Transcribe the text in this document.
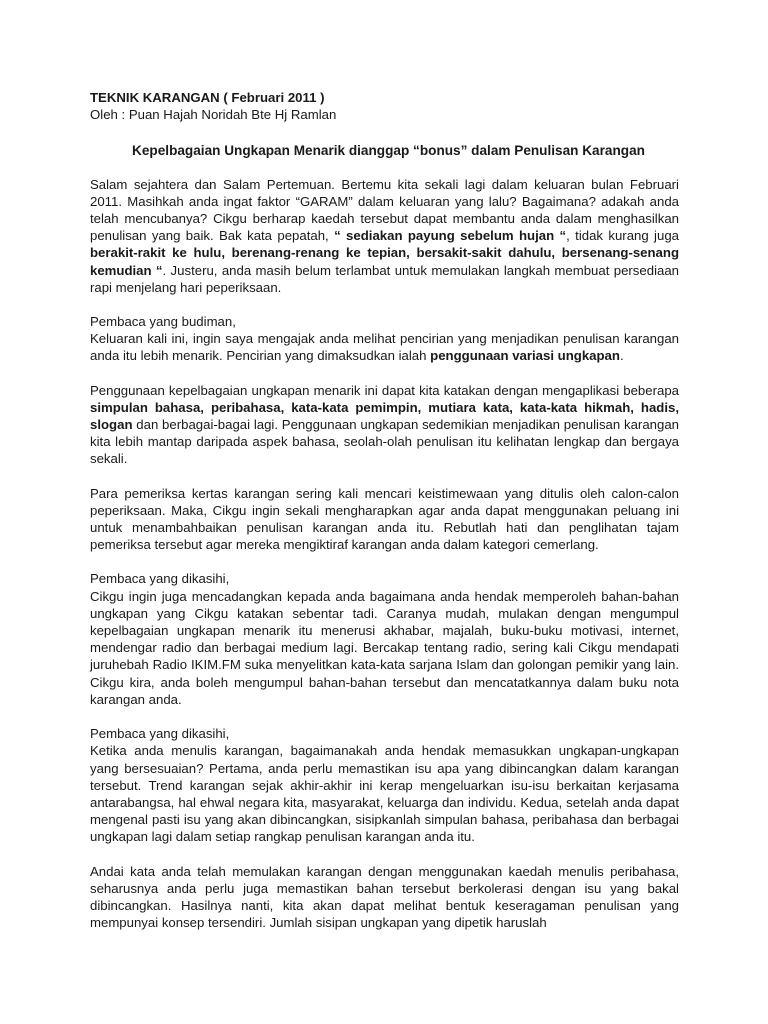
TEKNIK KARANGAN ( Februari 2011 )
Oleh : Puan Hajah Noridah Bte Hj Ramlan
Kepelbagaian Ungkapan Menarik dianggap “bonus” dalam Penulisan Karangan

Salam sejahtera dan Salam Pertemuan. Bertemu kita sekali lagi dalam keluaran bulan Februari 2011. Masihkah anda ingat faktor “GARAM” dalam keluaran yang lalu? Bagaimana? adakah anda telah mencubanya? Cikgu berharap kaedah tersebut dapat membantu anda dalam menghasilkan penulisan yang baik. Bak kata pepatah, “ sediakan payung sebelum hujan “, tidak kurang juga berakit-rakit ke hulu, berenang-renang ke tepian, bersakit-sakit dahulu, bersenang-senang kemudian “. Justeru, anda masih belum terlambat untuk memulakan langkah membuat persediaan rapi menjelang hari peperiksaan.

Pembaca yang budiman,
Keluaran kali ini, ingin saya mengajak anda melihat pencirian yang menjadikan penulisan karangan anda itu lebih menarik. Pencirian yang dimaksudkan ialah penggunaan variasi ungkapan.

Penggunaan kepelbagaian ungkapan menarik ini dapat kita katakan dengan mengaplikasi beberapa simpulan bahasa, peribahasa, kata-kata pemimpin, mutiara kata, kata-kata hikmah, hadis, slogan dan berbagai-bagai lagi. Penggunaan ungkapan sedemikian menjadikan penulisan karangan kita lebih mantap daripada aspek bahasa, seolah-olah penulisan itu kelihatan lengkap dan bergaya sekali.

Para pemeriksa kertas karangan sering kali mencari keistimewaan yang ditulis oleh calon-calon peperiksaan. Maka, Cikgu ingin sekali mengharapkan agar anda dapat menggunakan peluang ini untuk menambahbaikan penulisan karangan anda itu. Rebutlah hati dan penglihatan tajam pemeriksa tersebut agar mereka mengiktiraf karangan anda dalam kategori cemerlang.

Pembaca yang dikasihi,
Cikgu ingin juga mencadangkan kepada anda bagaimana anda hendak memperoleh bahan-bahan ungkapan yang Cikgu katakan sebentar tadi. Caranya mudah, mulakan dengan mengumpul kepelbagaian ungkapan menarik itu menerusi akhabar, majalah, buku-buku motivasi, internet, mendengar radio dan berbagai medium lagi. Bercakap tentang radio, sering kali Cikgu mendapati juruhebah Radio IKIM.FM suka menyelitkan kata-kata sarjana Islam dan golongan pemikir yang lain. Cikgu kira, anda boleh mengumpul bahan-bahan tersebut dan mencatatkannya dalam buku nota karangan anda.

Pembaca yang dikasihi,
Ketika anda menulis karangan, bagaimanakah anda hendak memasukkan ungkapan-ungkapan yang bersesuaian? Pertama, anda perlu memastikan isu apa yang dibincangkan dalam karangan tersebut. Trend karangan sejak akhir-akhir ini kerap mengeluarkan isu-isu berkaitan kerjasama antarabangsa, hal ehwal negara kita, masyarakat, keluarga dan individu. Kedua, setelah anda dapat mengenal pasti isu yang akan dibincangkan, sisipkanlah simpulan bahasa, peribahasa dan berbagai ungkapan lagi dalam setiap rangkap penulisan karangan anda itu.

Andai kata anda telah memulakan karangan dengan menggunakan kaedah menulis peribahasa, seharusnya anda perlu juga memastikan bahan tersebut berkolerasi dengan isu yang bakal dibincangkan. Hasilnya nanti, kita akan dapat melihat bentuk keseragaman penulisan yang mempunyai konsep tersendiri. Jumlah sisipan ungkapan yang dipetik haruslah
